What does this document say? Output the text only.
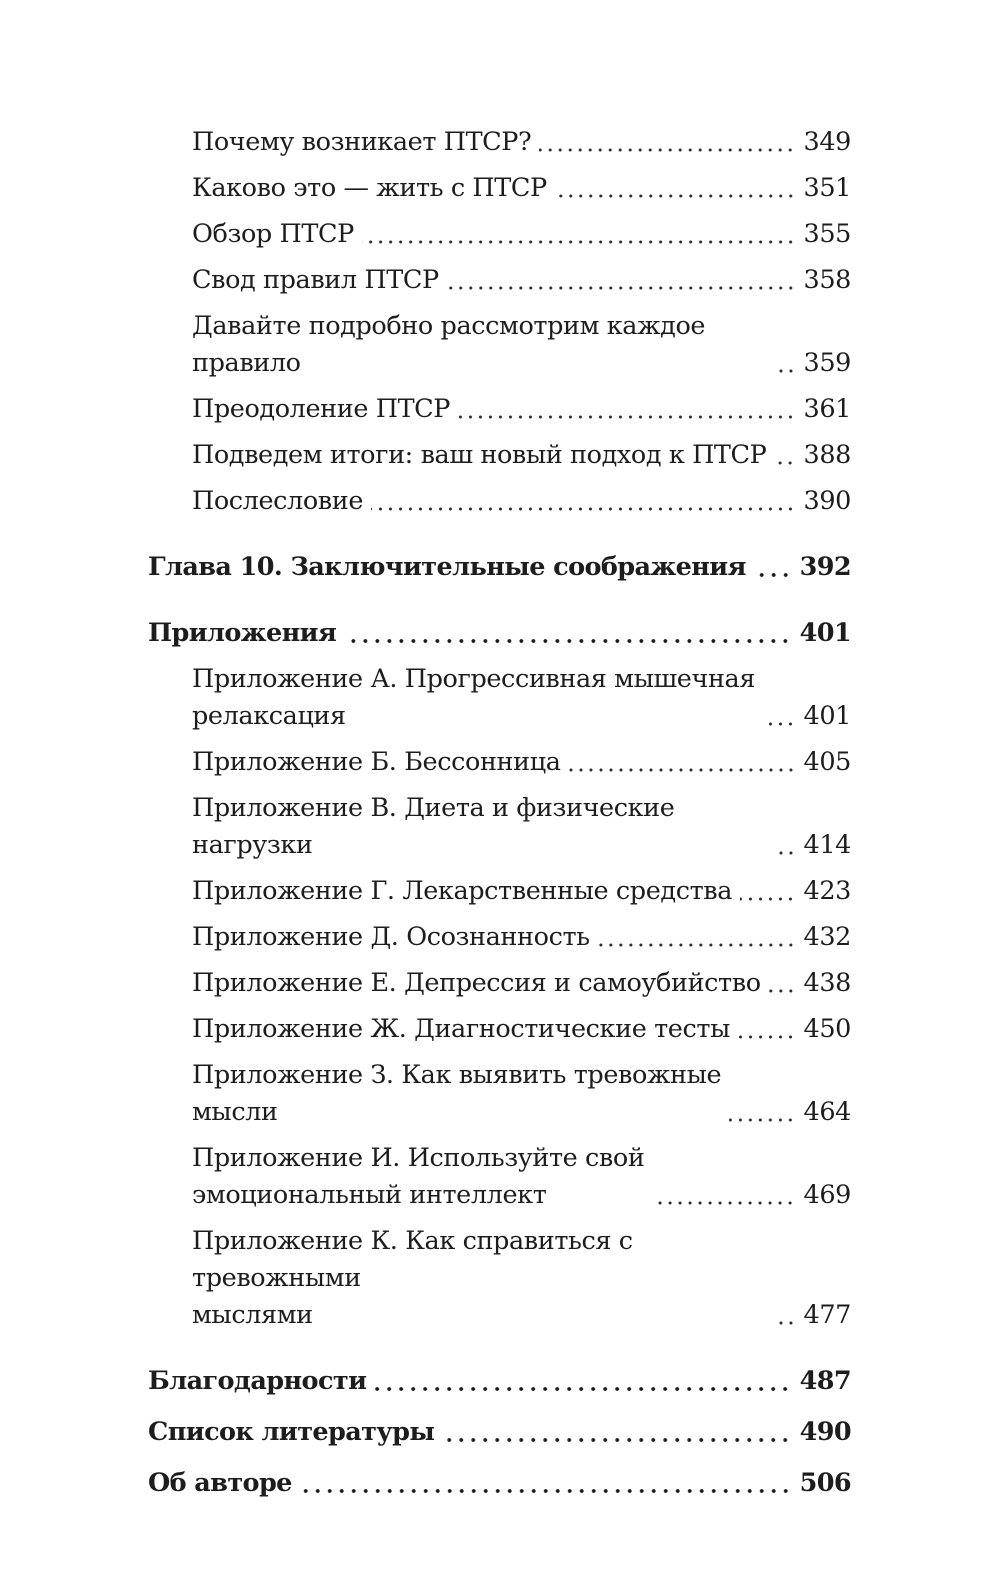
Почему возникает ПТСР?	349
Каково это — жить с ПТСР	351
Обзор ПТСР	355
Свод правил ПТСР	358
Давайте подробно рассмотрим каждое правило	359
Преодоление ПТСР	361
Подведем итоги: ваш новый подход к ПТСР 388
Послесловие	390
Глава 10. Заключительные соображения 392
Приложения	401
Приложение А. Прогрессивная мышечная
релаксация	401
Приложение Б. Бессонница	405
Приложение В. Диета и физические нагрузки	414
Приложение Г. Лекарственные средства	423
Приложение Д. Осознанность	432
Приложение Е. Депрессия и самоубийство 438
Приложение Ж. Диагностические тесты	450
Приложение З. Как выявить тревожные
мысли	464
Приложение И. Используйте свой
эмоциональный интеллект	469
Приложение К. Как справиться с тревожными
мыслями	477
Благодарности	487
Список литературы	490
Об авторе	506
